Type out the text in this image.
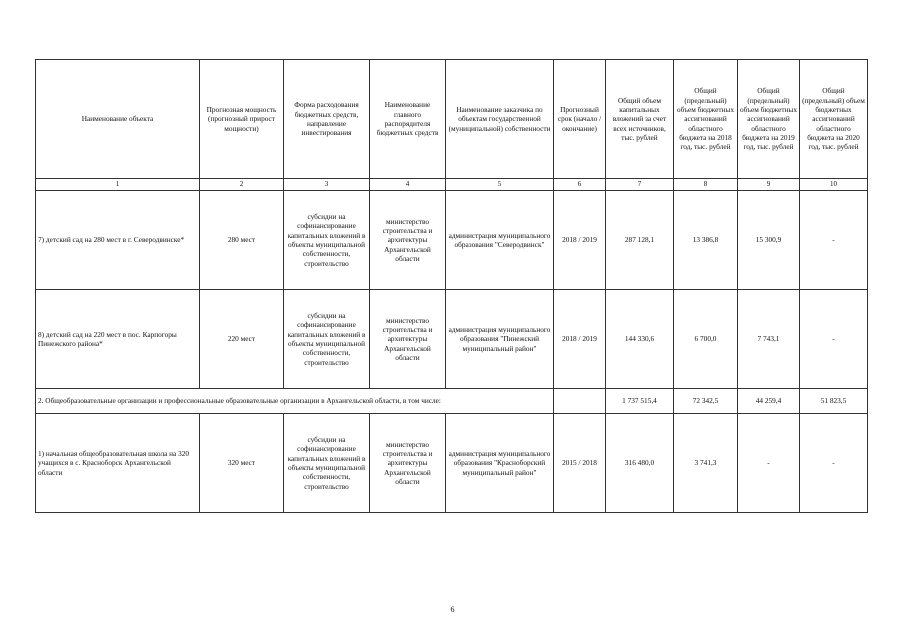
Наименование объекта	Прогнозная мощность (прогнозный прирост мощности)	Форма расходования бюджетных средств, направление инвестирования	Наименование главного распорядителя бюджетных средств	Наименование заказчика по объектам государственной (муниципальной) собственности	Прогнозный срок (начало / окончание)	Общий объем капитальных вложений за счет всех источников, тыс. рублей	Общий (предельный) объем бюджетных ассигнований областного бюджета на 2018 год, тыс. рублей	Общий (предельный) объем бюджетных ассигнований областного бюджета на 2019 год, тыс. рублей	Общий (предельный) объем бюджетных ассигнований областного бюджета на 2020 год, тыс. рублей
1	2	3	4	5	6	7	8	9	10
7) детский сад на 280 мест в г. Северодвинске*	280 мест	субсидии на софинансирование капитальных вложений в объекты муниципальной собственности, строительство	министерство строительства и архитектуры Архангельской области	администрация муниципального образования "Северодвинск"	2018 / 2019	287 128,1	13 386,8	15 300,9	-
8) детский сад на 220 мест в пос. Карпогоры Пинежского района*	220 мест	субсидии на софинансирование капитальных вложений в объекты муниципальной собственности, строительство	министерство строительства и архитектуры Архангельской области	администрация муниципального образования "Пинежский муниципальный район"	2018 / 2019	144 330,6	6 700,0	7 743,1	-
2. Общеобразовательные организации и профессиональные образовательные организации в Архангельской области, в том числе:						1 737 515,4	72 342,5	44 259,4	51 823,5
1) начальная общеобразовательная школа на 320 учащихся в с. Красноборск Архангельской области	320 мест	субсидии на софинансирование капитальных вложений в объекты муниципальной собственности, строительство	министерство строительства и архитектуры Архангельской области	администрация муниципального образования "Красноборский муниципальный район"	2015 / 2018	316 480,0	3 741,3	-	-
6
